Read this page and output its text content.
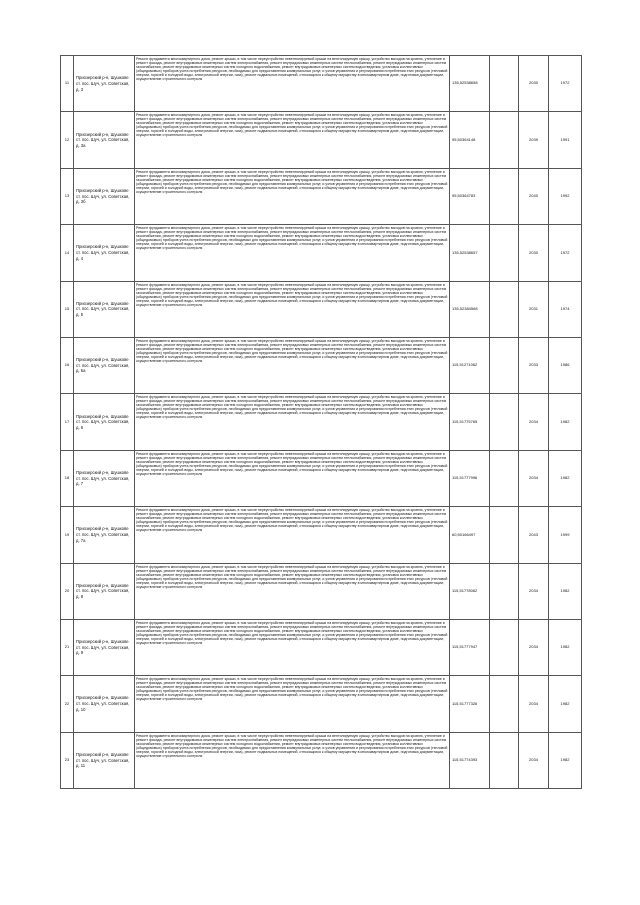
11	Приозерский р-н, Шушкове ст. пос. Шуч, ул. Советская, д. 3	Ремонт фундамента многоквартирного дома, ремонт крыши, в том числе переустройство невентилируемой крыши на вентилируемую крышу, устройство выходов на кровлю, утепление и ремонт фасада, ремонт внутридомовых инженерных систем электроснабжения, ремонт внутридомовых инженерных систем теплоснабжения, ремонт внутридомовых инженерных систем газоснабжения, ремонт внутридомовых инженерных систем холодного водоснабжения, ремонт внутридомовых инженерных систем водоотведения, установка коллективных (общедомовых) приборов учета потребления ресурсов, необходимых для предоставления коммунальных услуг, и узлов управления и регулирования потребления этих ресурсов (тепловой энергии, горячей и холодной воды, электрической энергии, газа), ремонт подвальных помещений, относящихся к общему имуществу в многоквартирном доме, подготовка документации, осуществление строительного контроля	135,52538658		2030	1972
12	Приозерский р-н, Шушкове ст. пос. Шуч, ул. Советская, д. 3а	Ремонт фундамента многоквартирного дома, ремонт крыши, в том числе переустройство невентилируемой крыши на вентилируемую крышу, устройство выходов на кровлю, утепление и ремонт фасада, ремонт внутридомовых инженерных систем электроснабжения, ремонт внутридомовых инженерных систем теплоснабжения, ремонт внутридомовых инженерных систем газоснабжения, ремонт внутридомовых инженерных систем холодного водоснабжения, ремонт внутридомовых инженерных систем водоотведения, установка коллективных (общедомовых) приборов учета потребления ресурсов, необходимых для предоставления коммунальных услуг, и узлов управления и регулирования потребления этих ресурсов (тепловой энергии, горячей и холодной воды, электрической энергии, газа), ремонт подвальных помещений, относящихся к общему имуществу в многоквартирном доме, подготовка документации, осуществление строительного контроля	95,50364148		2039	1991
13	Приозерский р-н, Шушкове ст. пос. Шуч, ул. Советская, д. 3б	Ремонт фундамента многоквартирного дома, ремонт крыши, в том числе переустройство невентилируемой крыши на вентилируемую крышу, устройство выходов на кровлю, утепление и ремонт фасада, ремонт внутридомовых инженерных систем электроснабжения, ремонт внутридомовых инженерных систем теплоснабжения, ремонт внутридомовых инженерных систем газоснабжения, ремонт внутридомовых инженерных систем холодного водоснабжения, ремонт внутридомовых инженерных систем водоотведения, установка коллективных (общедомовых) приборов учета потребления ресурсов, необходимых для предоставления коммунальных услуг, и узлов управления и регулирования потребления этих ресурсов (тепловой энергии, горячей и холодной воды, электрической энергии, газа), ремонт подвальных помещений, относящихся к общему имуществу в многоквартирном доме, подготовка документации, осуществление строительного контроля	95,50364783		2040	1992
14	Приозерский р-н, Шушкове ст. пос. Шуч, ул. Советская, д. 4	Ремонт фундамента многоквартирного дома, ремонт крыши, в том числе переустройство невентилируемой крыши на вентилируемую крышу, устройство выходов на кровлю, утепление и ремонт фасада, ремонт внутридомовых инженерных систем электроснабжения, ремонт внутридомовых инженерных систем теплоснабжения, ремонт внутридомовых инженерных систем газоснабжения, ремонт внутридомовых инженерных систем холодного водоснабжения, ремонт внутридомовых инженерных систем водоотведения, установка коллективных (общедомовых) приборов учета потребления ресурсов, необходимых для предоставления коммунальных услуг, и узлов управления и регулирования потребления этих ресурсов (тепловой энергии, горячей и холодной воды, электрической энергии, газа), ремонт подвальных помещений, относящихся к общему имуществу в многоквартирном доме, подготовка документации, осуществление строительного контроля	135,52538657		2030	1972
15	Приозерский р-н, Шушкове ст. пос. Шуч, ул. Советская, д. 5	Ремонт фундамента многоквартирного дома, ремонт крыши, в том числе переустройство невентилируемой крыши на вентилируемую крышу, устройство выходов на кровлю, утепление и ремонт фасада, ремонт внутридомовых инженерных систем электроснабжения, ремонт внутридомовых инженерных систем теплоснабжения, ремонт внутридомовых инженерных систем газоснабжения, ремонт внутридомовых инженерных систем холодного водоснабжения, ремонт внутридомовых инженерных систем водоотведения, установка коллективных (общедомовых) приборов учета потребления ресурсов, необходимых для предоставления коммунальных услуг, и узлов управления и регулирования потребления этих ресурсов (тепловой энергии, горячей и холодной воды, электрической энергии, газа), ремонт подвальных помещений, относящихся к общему имуществу в многоквартирном доме, подготовка документации, осуществление строительного контроля	135,52384568		2031	1974
16	Приозерский р-н, Шушкове ст. пос. Шуч, ул. Советская, д. 5а	Ремонт фундамента многоквартирного дома, ремонт крыши, в том числе переустройство невентилируемой крыши на вентилируемую крышу, устройство выходов на кровлю, утепление и ремонт фасада, ремонт внутридомовых инженерных систем электроснабжения, ремонт внутридомовых инженерных систем теплоснабжения, ремонт внутридомовых инженерных систем газоснабжения, ремонт внутридомовых инженерных систем холодного водоснабжения, ремонт внутридомовых инженерных систем водоотведения, установка коллективных (общедомовых) приборов учета потребления ресурсов, необходимых для предоставления коммунальных услуг, и узлов управления и регулирования потребления этих ресурсов (тепловой энергии, горячей и холодной воды, электрической энергии, газа), ремонт подвальных помещений, относящихся к общему имуществу в многоквартирном доме, подготовка документации, осуществление строительного контроля	115,51271062		2033	1986
17	Приозерский р-н, Шушкове ст. пос. Шуч, ул. Советская, д. 6	Ремонт фундамента многоквартирного дома, ремонт крыши, в том числе переустройство невентилируемой крыши на вентилируемую крышу, устройство выходов на кровлю, утепление и ремонт фасада, ремонт внутридомовых инженерных систем электроснабжения, ремонт внутридомовых инженерных систем теплоснабжения, ремонт внутридомовых инженерных систем газоснабжения, ремонт внутридомовых инженерных систем холодного водоснабжения, ремонт внутридомовых инженерных систем водоотведения, установка коллективных (общедомовых) приборов учета потребления ресурсов, необходимых для предоставления коммунальных услуг, и узлов управления и регулирования потребления этих ресурсов (тепловой энергии, горячей и холодной воды, электрической энергии, газа), ремонт подвальных помещений, относящихся к общему имуществу в многоквартирном доме, подготовка документации, осуществление строительного контроля	115,51775765		2034	1982
18	Приозерский р-н, Шушкове ст. пос. Шуч, ул. Советская, д. 7	Ремонт фундамента многоквартирного дома, ремонт крыши, в том числе переустройство невентилируемой крыши на вентилируемую крышу, устройство выходов на кровлю, утепление и ремонт фасада, ремонт внутридомовых инженерных систем электроснабжения, ремонт внутридомовых инженерных систем теплоснабжения, ремонт внутридомовых инженерных систем газоснабжения, ремонт внутридомовых инженерных систем холодного водоснабжения, ремонт внутридомовых инженерных систем водоотведения, установка коллективных (общедомовых) приборов учета потребления ресурсов, необходимых для предоставления коммунальных услуг, и узлов управления и регулирования потребления этих ресурсов (тепловой энергии, горячей и холодной воды, электрической энергии, газа), ремонт подвальных помещений, относящихся к общему имуществу в многоквартирном доме, подготовка документации, осуществление строительного контроля	115,51777996		2034	1982
19	Приозерский р-н, Шушкове ст. пос. Шуч, ул. Советская, д. 7а	Ремонт фундамента многоквартирного дома, ремонт крыши, в том числе переустройство невентилируемой крыши на вентилируемую крышу, устройство выходов на кровлю, утепление и ремонт фасада, ремонт внутридомовых инженерных систем электроснабжения, ремонт внутридомовых инженерных систем теплоснабжения, ремонт внутридомовых инженерных систем газоснабжения, ремонт внутридомовых инженерных систем холодного водоснабжения, ремонт внутридомовых инженерных систем водоотведения, установка коллективных (общедомовых) приборов учета потребления ресурсов, необходимых для предоставления коммунальных услуг, и узлов управления и регулирования потребления этих ресурсов (тепловой энергии, горячей и холодной воды, электрической энергии, газа), ремонт подвальных помещений, относящихся к общему имуществу в многоквартирном доме, подготовка документации, осуществление строительного контроля	60,50166497		2043	1999
20	Приозерский р-н, Шушкове ст. пос. Шуч, ул. Советская, д. 8	Ремонт фундамента многоквартирного дома, ремонт крыши, в том числе переустройство невентилируемой крыши на вентилируемую крышу, устройство выходов на кровлю, утепление и ремонт фасада, ремонт внутридомовых инженерных систем электроснабжения, ремонт внутридомовых инженерных систем теплоснабжения, ремонт внутридомовых инженерных систем газоснабжения, ремонт внутридомовых инженерных систем холодного водоснабжения, ремонт внутридомовых инженерных систем водоотведения, установка коллективных (общедомовых) приборов учета потребления ресурсов, необходимых для предоставления коммунальных услуг, и узлов управления и регулирования потребления этих ресурсов (тепловой энергии, горячей и холодной воды, электрической энергии, газа), ремонт подвальных помещений, относящихся к общему имуществу в многоквартирном доме, подготовка документации, осуществление строительного контроля	115,51778062		2034	1982
21	Приозерский р-н, Шушкове ст. пос. Шуч, ул. Советская, д. 9	Ремонт фундамента многоквартирного дома, ремонт крыши, в том числе переустройство невентилируемой крыши на вентилируемую крышу, устройство выходов на кровлю, утепление и ремонт фасада, ремонт внутридомовых инженерных систем электроснабжения, ремонт внутридомовых инженерных систем теплоснабжения, ремонт внутридомовых инженерных систем газоснабжения, ремонт внутридомовых инженерных систем холодного водоснабжения, ремонт внутридомовых инженерных систем водоотведения, установка коллективных (общедомовых) приборов учета потребления ресурсов, необходимых для предоставления коммунальных услуг, и узлов управления и регулирования потребления этих ресурсов (тепловой энергии, горячей и холодной воды, электрической энергии, газа), ремонт подвальных помещений, относящихся к общему имуществу в многоквартирном доме, подготовка документации, осуществление строительного контроля	115,51777947		2034	1982
22	Приозерский р-н, Шушкове ст. пос. Шуч, ул. Советская, д. 10	Ремонт фундамента многоквартирного дома, ремонт крыши, в том числе переустройство невентилируемой крыши на вентилируемую крышу, устройство выходов на кровлю, утепление и ремонт фасада, ремонт внутридомовых инженерных систем электроснабжения, ремонт внутридомовых инженерных систем теплоснабжения, ремонт внутридомовых инженерных систем газоснабжения, ремонт внутридомовых инженерных систем холодного водоснабжения, ремонт внутридомовых инженерных систем водоотведения, установка коллективных (общедомовых) приборов учета потребления ресурсов, необходимых для предоставления коммунальных услуг, и узлов управления и регулирования потребления этих ресурсов (тепловой энергии, горячей и холодной воды, электрической энергии, газа), ремонт подвальных помещений, относящихся к общему имуществу в многоквартирном доме, подготовка документации, осуществление строительного контроля	115,51777326		2034	1982
23	Приозерский р-н, Шушкове ст. пос. Шуч, ул. Советская, д. 11	Ремонт фундамента многоквартирного дома, ремонт крыши, в том числе переустройство невентилируемой крыши на вентилируемую крышу, устройство выходов на кровлю, утепление и ремонт фасада, ремонт внутридомовых инженерных систем электроснабжения, ремонт внутридомовых инженерных систем теплоснабжения, ремонт внутридомовых инженерных систем газоснабжения, ремонт внутридомовых инженерных систем холодного водоснабжения, ремонт внутридомовых инженерных систем водоотведения, установка коллективных (общедомовых) приборов учета потребления ресурсов, необходимых для предоставления коммунальных услуг, и узлов управления и регулирования потребления этих ресурсов (тепловой энергии, горячей и холодной воды, электрической энергии, газа), ремонт подвальных помещений, относящихся к общему имуществу в многоквартирном доме, подготовка документации, осуществление строительного контроля	115,51774393		2034	1982
